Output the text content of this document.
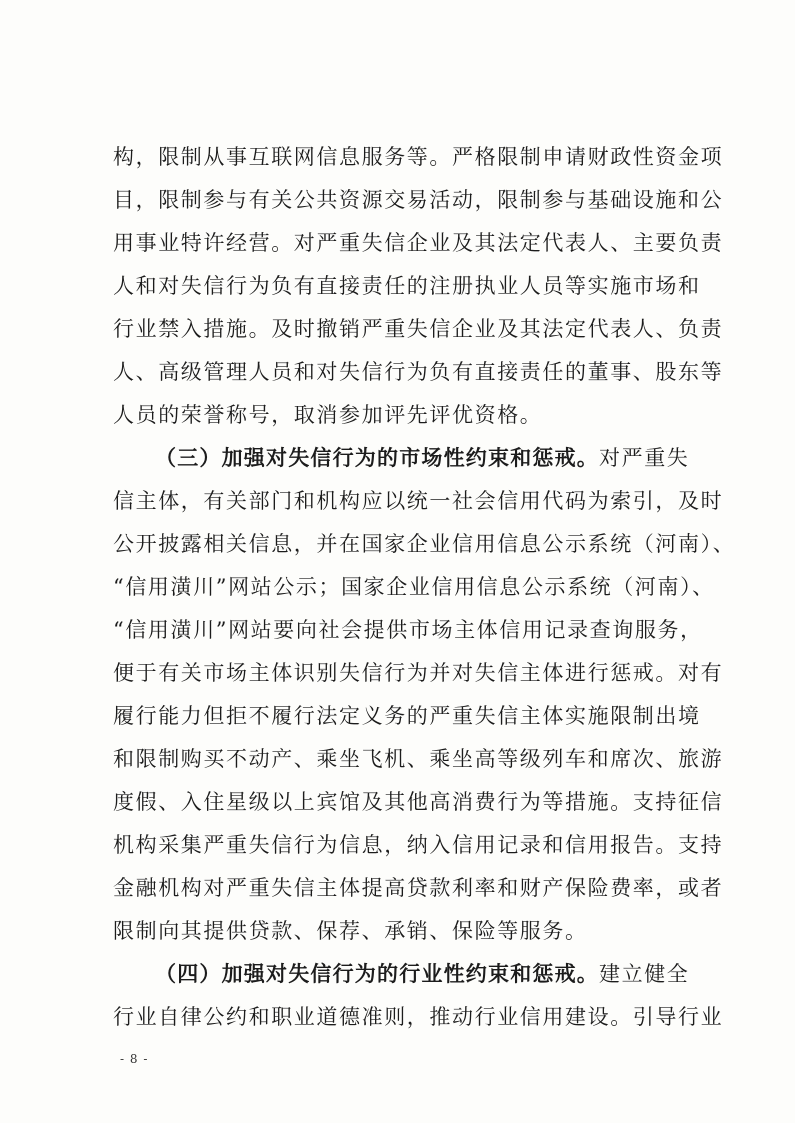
构，限制从事互联网信息服务等。严格限制申请财政性资金项
目，限制参与有关公共资源交易活动，限制参与基础设施和公
用事业特许经营。对严重失信企业及其法定代表人、主要负责
人和对失信行为负有直接责任的注册执业人员等实施市场和
行业禁入措施。及时撤销严重失信企业及其法定代表人、负责
人、高级管理人员和对失信行为负有直接责任的董事、股东等
人员的荣誉称号，取消参加评先评优资格。
（三）加强对失信行为的市场性约束和惩戒。对严重失
信主体，有关部门和机构应以统一社会信用代码为索引，及时
公开披露相关信息，并在国家企业信用信息公示系统（河南）、
“信用潢川”网站公示；国家企业信用信息公示系统（河南）、
“信用潢川”网站要向社会提供市场主体信用记录查询服务，
便于有关市场主体识别失信行为并对失信主体进行惩戒。对有
履行能力但拒不履行法定义务的严重失信主体实施限制出境
和限制购买不动产、乘坐飞机、乘坐高等级列车和席次、旅游
度假、入住星级以上宾馆及其他高消费行为等措施。支持征信
机构采集严重失信行为信息，纳入信用记录和信用报告。支持
金融机构对严重失信主体提高贷款利率和财产保险费率，或者
限制向其提供贷款、保荐、承销、保险等服务。
（四）加强对失信行为的行业性约束和惩戒。建立健全
行业自律公约和职业道德准则，推动行业信用建设。引导行业
- 8 -
